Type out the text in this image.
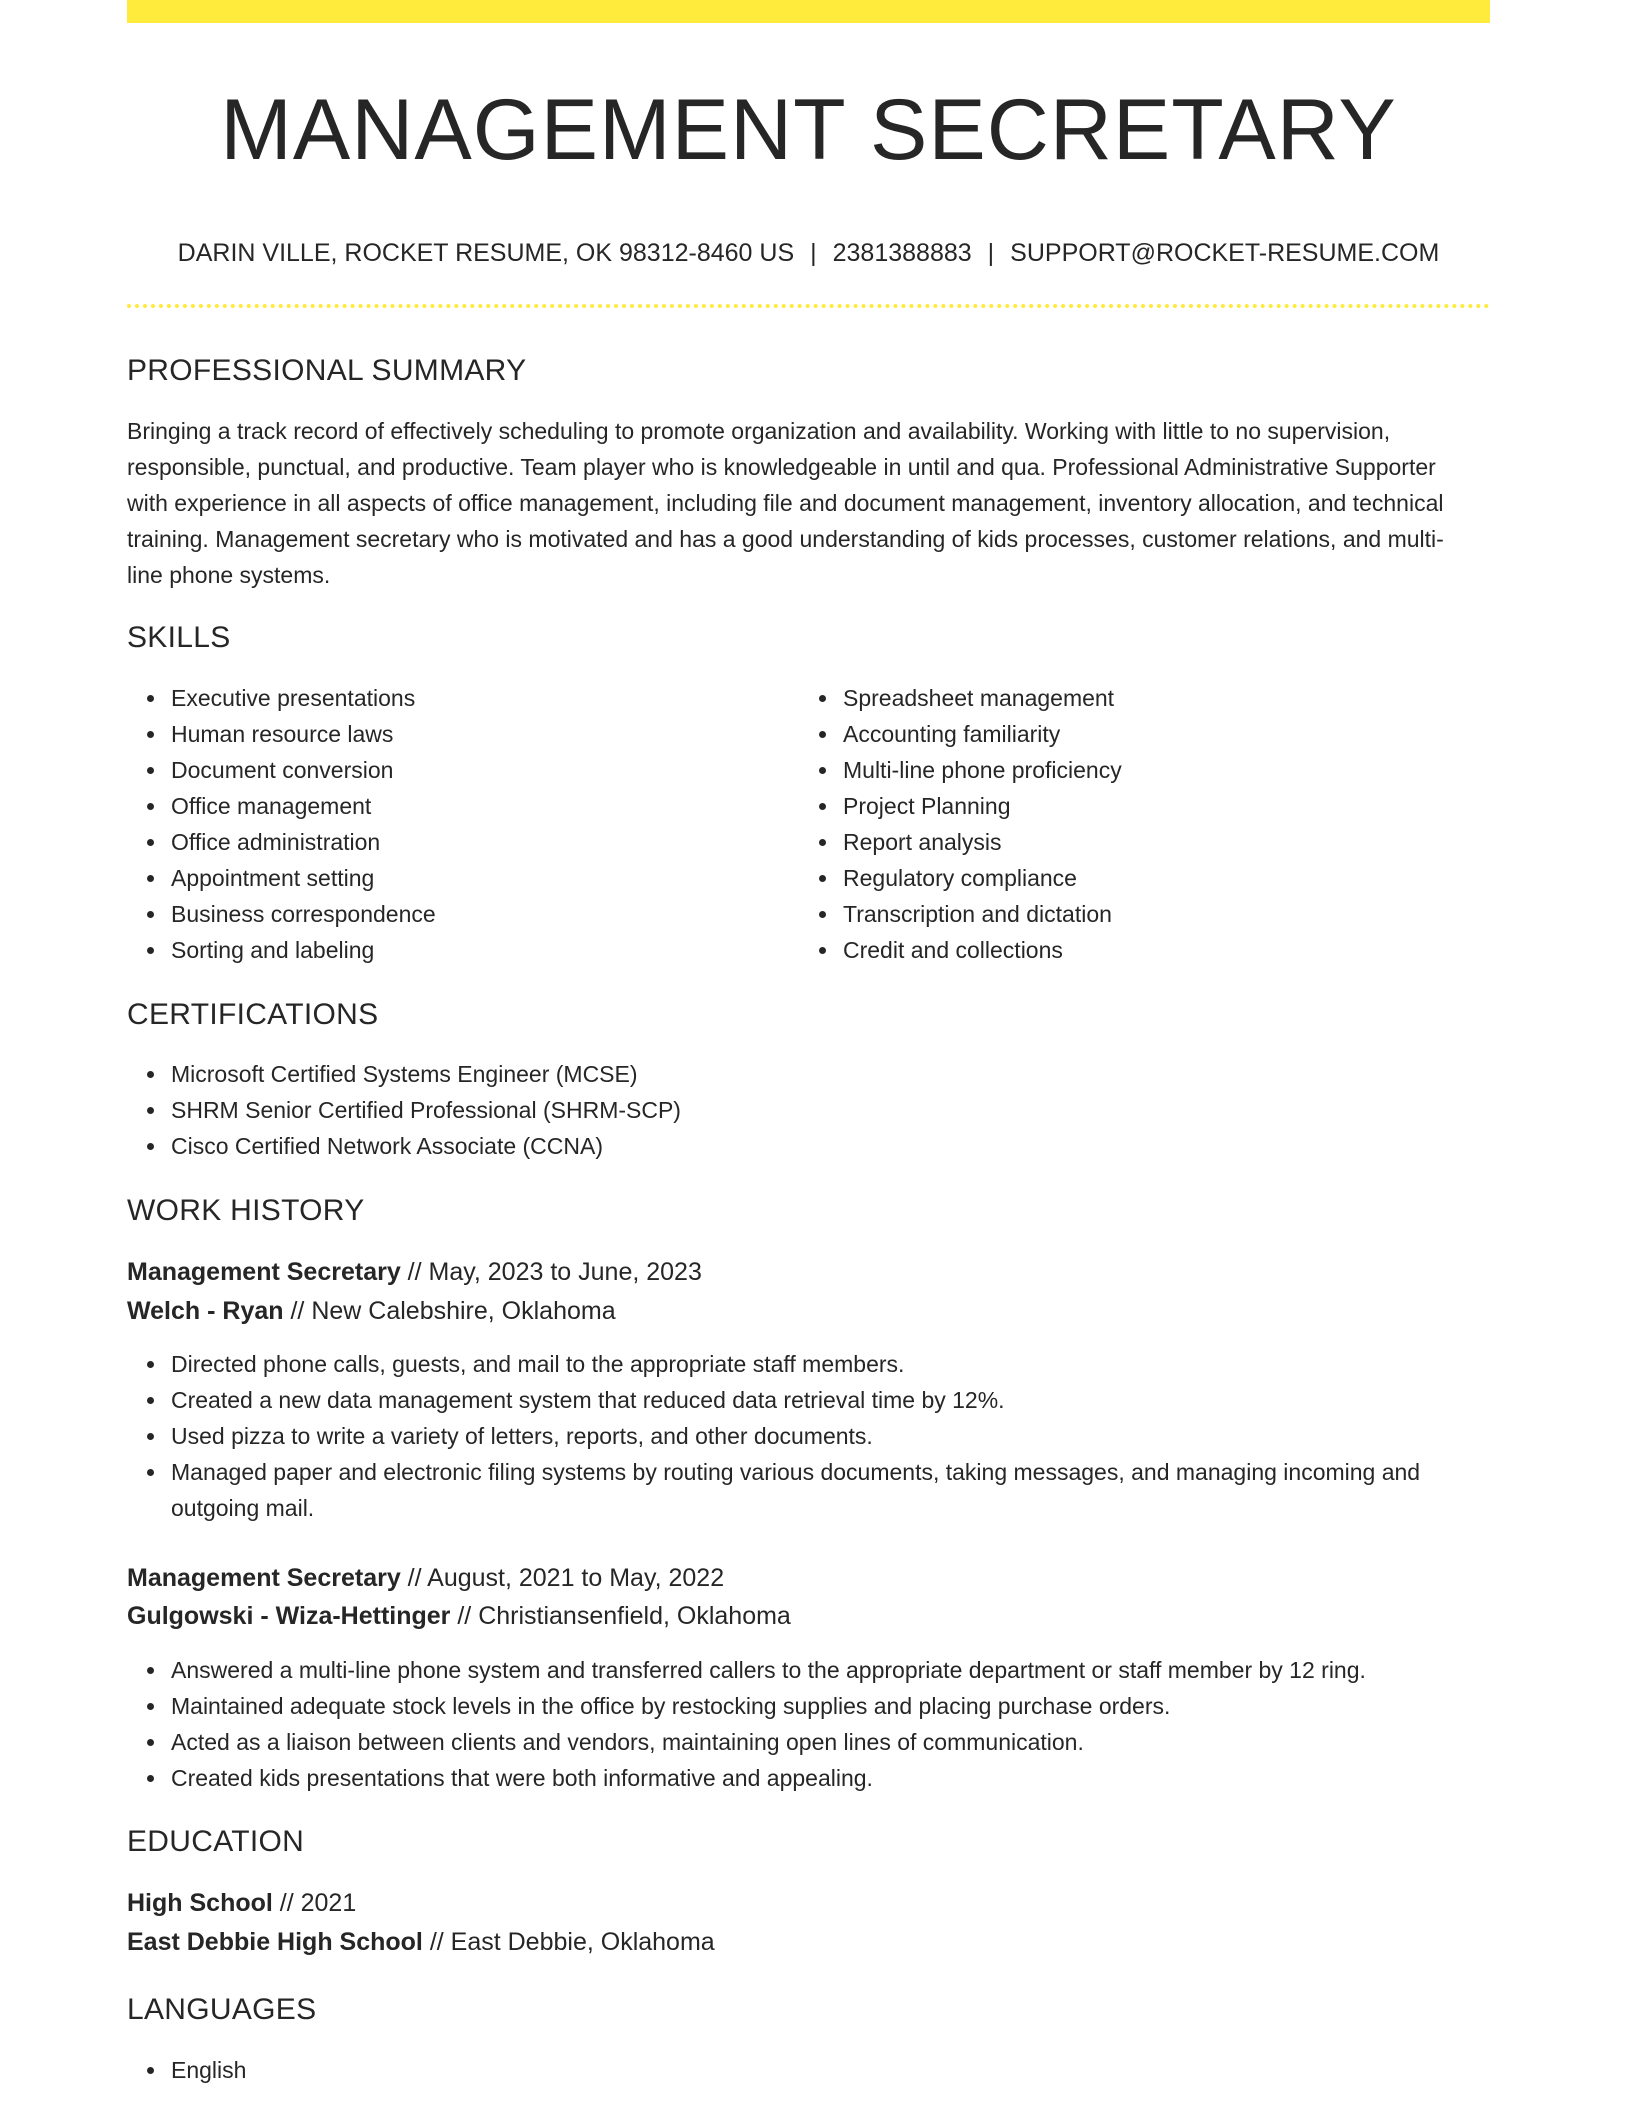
MANAGEMENT SECRETARY
DARIN VILLE, ROCKET RESUME, OK 98312-8460 US | 2381388883 | SUPPORT@ROCKET-RESUME.COM
PROFESSIONAL SUMMARY
Bringing a track record of effectively scheduling to promote organization and availability. Working with little to no supervision, responsible, punctual, and productive. Team player who is knowledgeable in until and qua. Professional Administrative Supporter with experience in all aspects of office management, including file and document management, inventory allocation, and technical training. Management secretary who is motivated and has a good understanding of kids processes, customer relations, and multi-line phone systems.
SKILLS
Executive presentations
Human resource laws
Document conversion
Office management
Office administration
Appointment setting
Business correspondence
Sorting and labeling
Spreadsheet management
Accounting familiarity
Multi-line phone proficiency
Project Planning
Report analysis
Regulatory compliance
Transcription and dictation
Credit and collections
CERTIFICATIONS
Microsoft Certified Systems Engineer (MCSE)
SHRM Senior Certified Professional (SHRM-SCP)
Cisco Certified Network Associate (CCNA)
WORK HISTORY
Management Secretary // May, 2023 to June, 2023
Welch - Ryan // New Calebshire, Oklahoma
Directed phone calls, guests, and mail to the appropriate staff members.
Created a new data management system that reduced data retrieval time by 12%.
Used pizza to write a variety of letters, reports, and other documents.
Managed paper and electronic filing systems by routing various documents, taking messages, and managing incoming and outgoing mail.
Management Secretary // August, 2021 to May, 2022
Gulgowski - Wiza-Hettinger // Christiansenfield, Oklahoma
Answered a multi-line phone system and transferred callers to the appropriate department or staff member by 12 ring.
Maintained adequate stock levels in the office by restocking supplies and placing purchase orders.
Acted as a liaison between clients and vendors, maintaining open lines of communication.
Created kids presentations that were both informative and appealing.
EDUCATION
High School // 2021
East Debbie High School // East Debbie, Oklahoma
LANGUAGES
English
